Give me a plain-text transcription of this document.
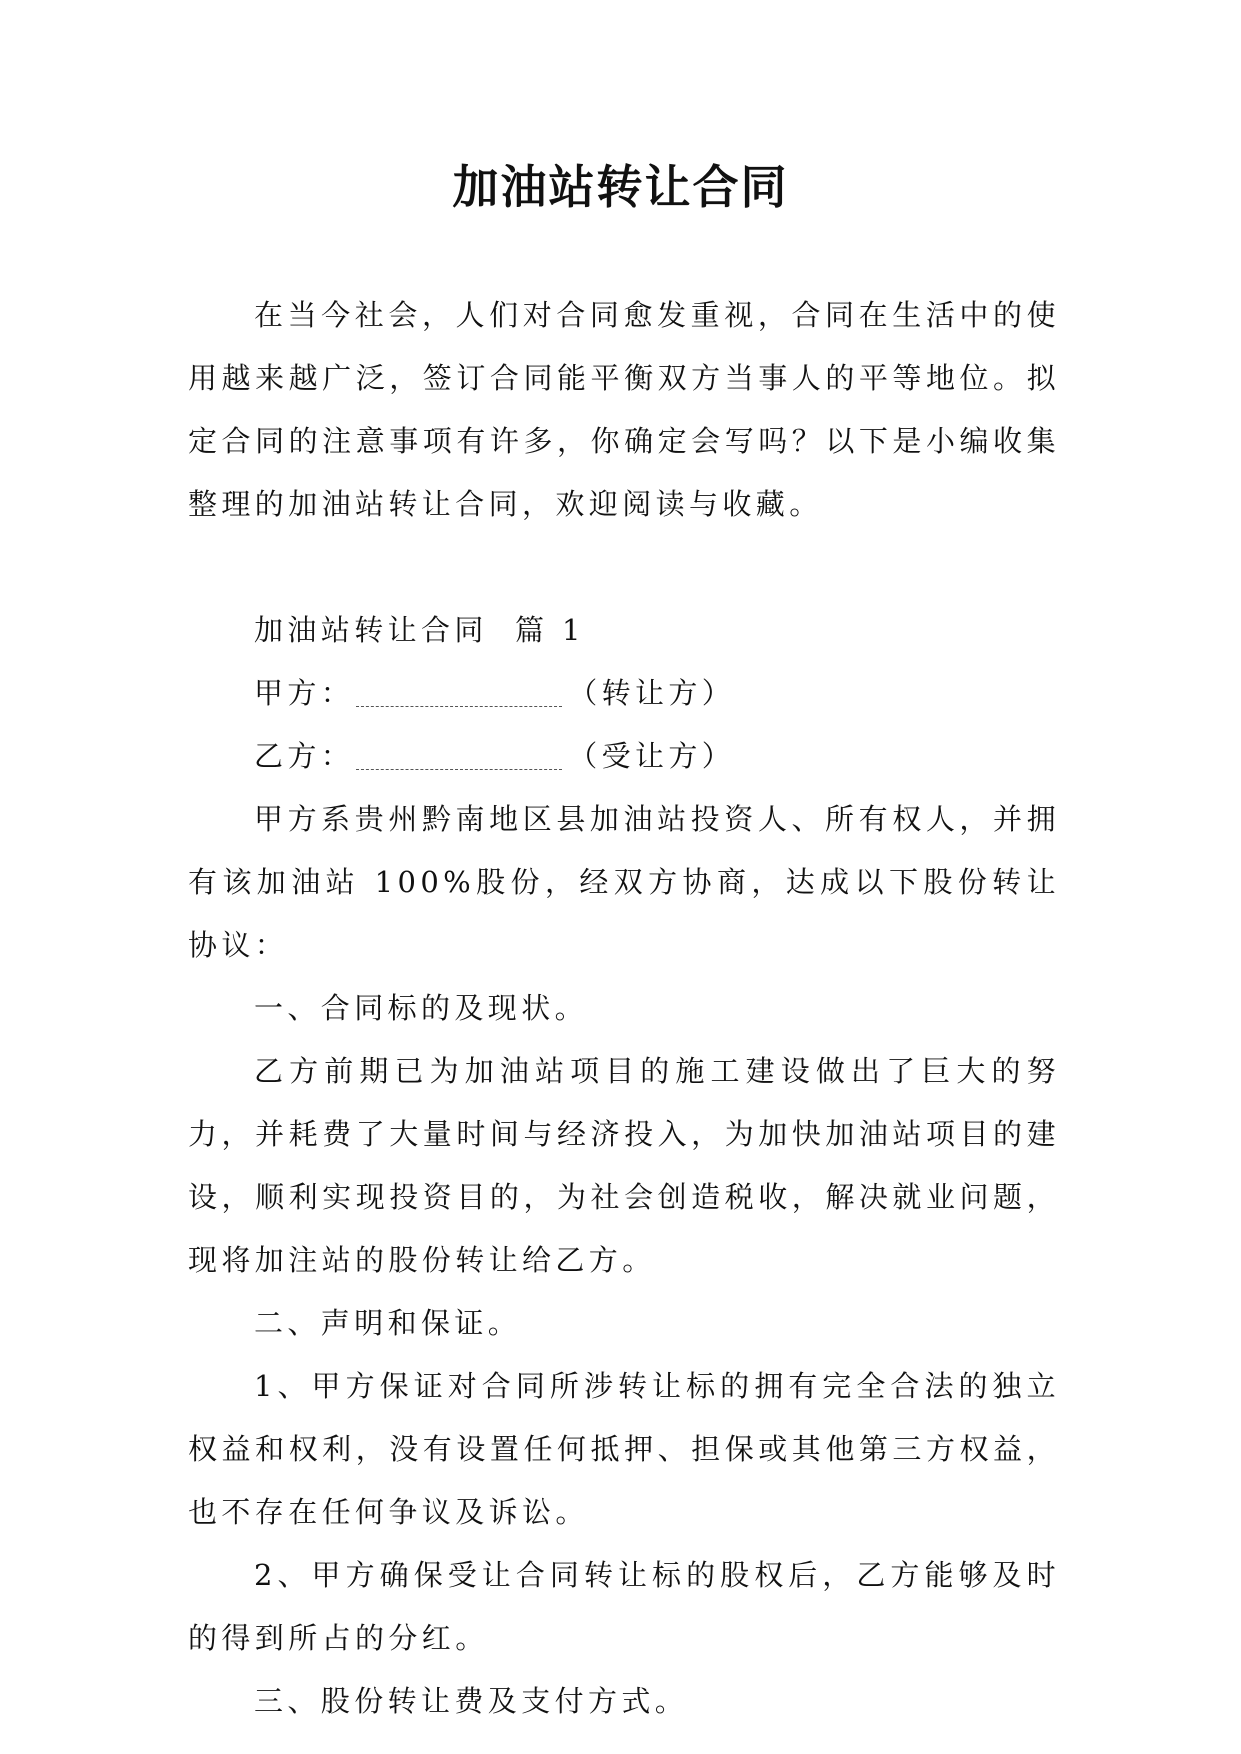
加油站转让合同

在当今社会，人们对合同愈发重视，合同在生活中的使用越来越广泛，签订合同能平衡双方当事人的平等地位。拟定合同的注意事项有许多，你确定会写吗？以下是小编收集整理的加油站转让合同，欢迎阅读与收藏。

加油站转让合同  篇 1

甲方：	（转让方）

乙方：	（受让方）

甲方系贵州黔南地区县加油站投资人、所有权人，并拥有该加油站 100%股份，经双方协商，达成以下股份转让协议：

一、合同标的及现状。

乙方前期已为加油站项目的施工建设做出了巨大的努力，并耗费了大量时间与经济投入，为加快加油站项目的建设，顺利实现投资目的，为社会创造税收，解决就业问题，现将加注站的股份转让给乙方。

二、声明和保证。

1、甲方保证对合同所涉转让标的拥有完全合法的独立权益和权利，没有设置任何抵押、担保或其他第三方权益，也不存在任何争议及诉讼。

2、甲方确保受让合同转让标的股权后，乙方能够及时的得到所占的分红。

三、股份转让费及支付方式。
